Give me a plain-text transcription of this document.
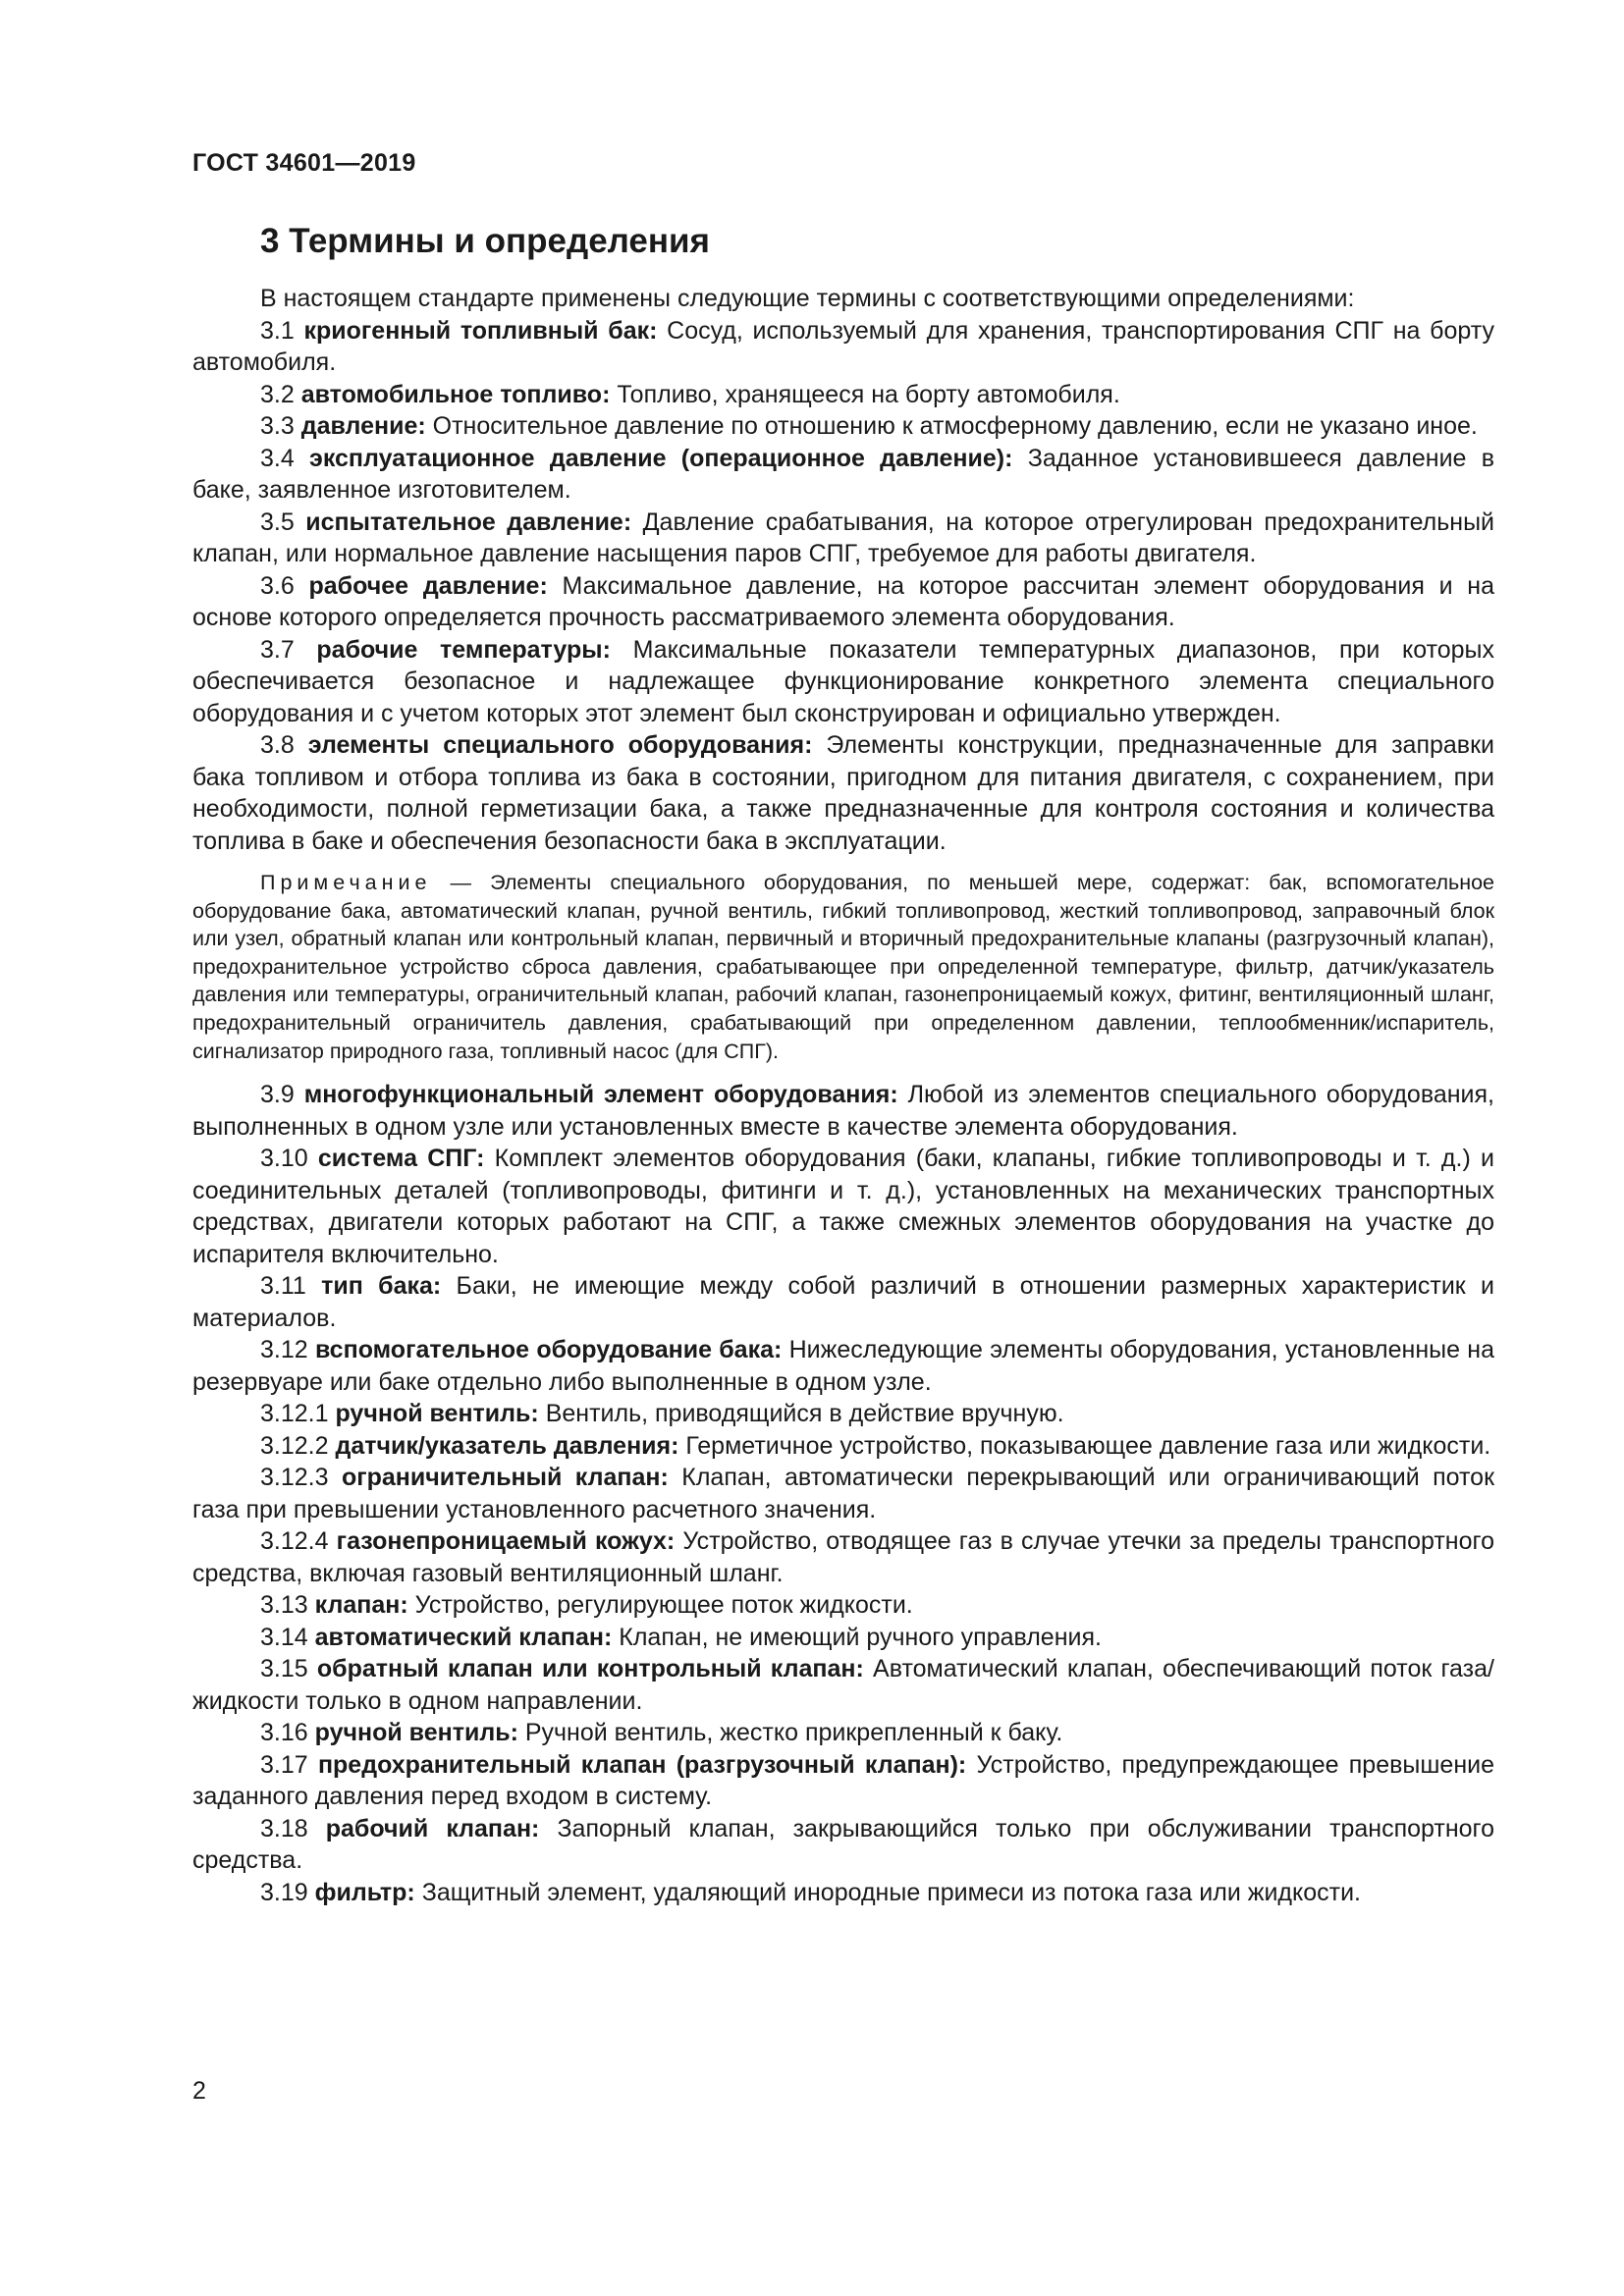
ГОСТ 34601—2019
3 Термины и определения

В настоящем стандарте применены следующие термины с соответствующими определениями:

3.1 криогенный топливный бак: Сосуд, используемый для хранения, транспортирования СПГ на борту автомобиля.

3.2 автомобильное топливо: Топливо, хранящееся на борту автомобиля.

3.3 давление: Относительное давление по отношению к атмосферному давлению, если не указано иное.

3.4 эксплуатационное давление (операционное давление): Заданное установившееся давление в баке, заявленное изготовителем.

3.5 испытательное давление: Давление срабатывания, на которое отрегулирован предохранительный клапан, или нормальное давление насыщения паров СПГ, требуемое для работы двигателя.

3.6 рабочее давление: Максимальное давление, на которое рассчитан элемент оборудования и на основе которого определяется прочность рассматриваемого элемента оборудования.

3.7 рабочие температуры: Максимальные показатели температурных диапазонов, при которых обеспечивается безопасное и надлежащее функционирование конкретного элемента специального оборудования и с учетом которых этот элемент был сконструирован и официально утвержден.

3.8 элементы специального оборудования: Элементы конструкции, предназначенные для заправки бака топливом и отбора топлива из бака в состоянии, пригодном для питания двигателя, с сохранением, при необходимости, полной герметизации бака, а также предназначенные для контроля состояния и количества топлива в баке и обеспечения безопасности бака в эксплуатации.

Примечание — Элементы специального оборудования, по меньшей мере, содержат: бак, вспомогательное оборудование бака, автоматический клапан, ручной вентиль, гибкий топливопровод, жесткий топливопровод, заправочный блок или узел, обратный клапан или контрольный клапан, первичный и вторичный предохранительные клапаны (разгрузочный клапан), предохранительное устройство сброса давления, срабатывающее при определенной температуре, фильтр, датчик/указатель давления или температуры, ограничительный клапан, рабочий клапан, газонепроницаемый кожух, фитинг, вентиляционный шланг, предохранительный ограничитель давления, срабатывающий при определенном давлении, теплообменник/испаритель, сигнализатор природного газа, топливный насос (для СПГ).

3.9 многофункциональный элемент оборудования: Любой из элементов специального оборудования, выполненных в одном узле или установленных вместе в качестве элемента оборудования.

3.10 система СПГ: Комплект элементов оборудования (баки, клапаны, гибкие топливопроводы и т. д.) и соединительных деталей (топливопроводы, фитинги и т. д.), установленных на механических транспортных средствах, двигатели которых работают на СПГ, а также смежных элементов оборудования на участке до испарителя включительно.

3.11 тип бака: Баки, не имеющие между собой различий в отношении размерных характеристик и материалов.

3.12 вспомогательное оборудование бака: Нижеследующие элементы оборудования, установленные на резервуаре или баке отдельно либо выполненные в одном узле.

3.12.1 ручной вентиль: Вентиль, приводящийся в действие вручную.

3.12.2 датчик/указатель давления: Герметичное устройство, показывающее давление газа или жидкости.

3.12.3 ограничительный клапан: Клапан, автоматически перекрывающий или ограничивающий поток газа при превышении установленного расчетного значения.

3.12.4 газонепроницаемый кожух: Устройство, отводящее газ в случае утечки за пределы транспортного средства, включая газовый вентиляционный шланг.

3.13 клапан: Устройство, регулирующее поток жидкости.

3.14 автоматический клапан: Клапан, не имеющий ручного управления.

3.15 обратный клапан или контрольный клапан: Автоматический клапан, обеспечивающий поток газа/жидкости только в одном направлении.

3.16 ручной вентиль: Ручной вентиль, жестко прикрепленный к баку.

3.17 предохранительный клапан (разгрузочный клапан): Устройство, предупреждающее превышение заданного давления перед входом в систему.

3.18 рабочий клапан: Запорный клапан, закрывающийся только при обслуживании транспортного средства.

3.19 фильтр: Защитный элемент, удаляющий инородные примеси из потока газа или жидкости.

2
